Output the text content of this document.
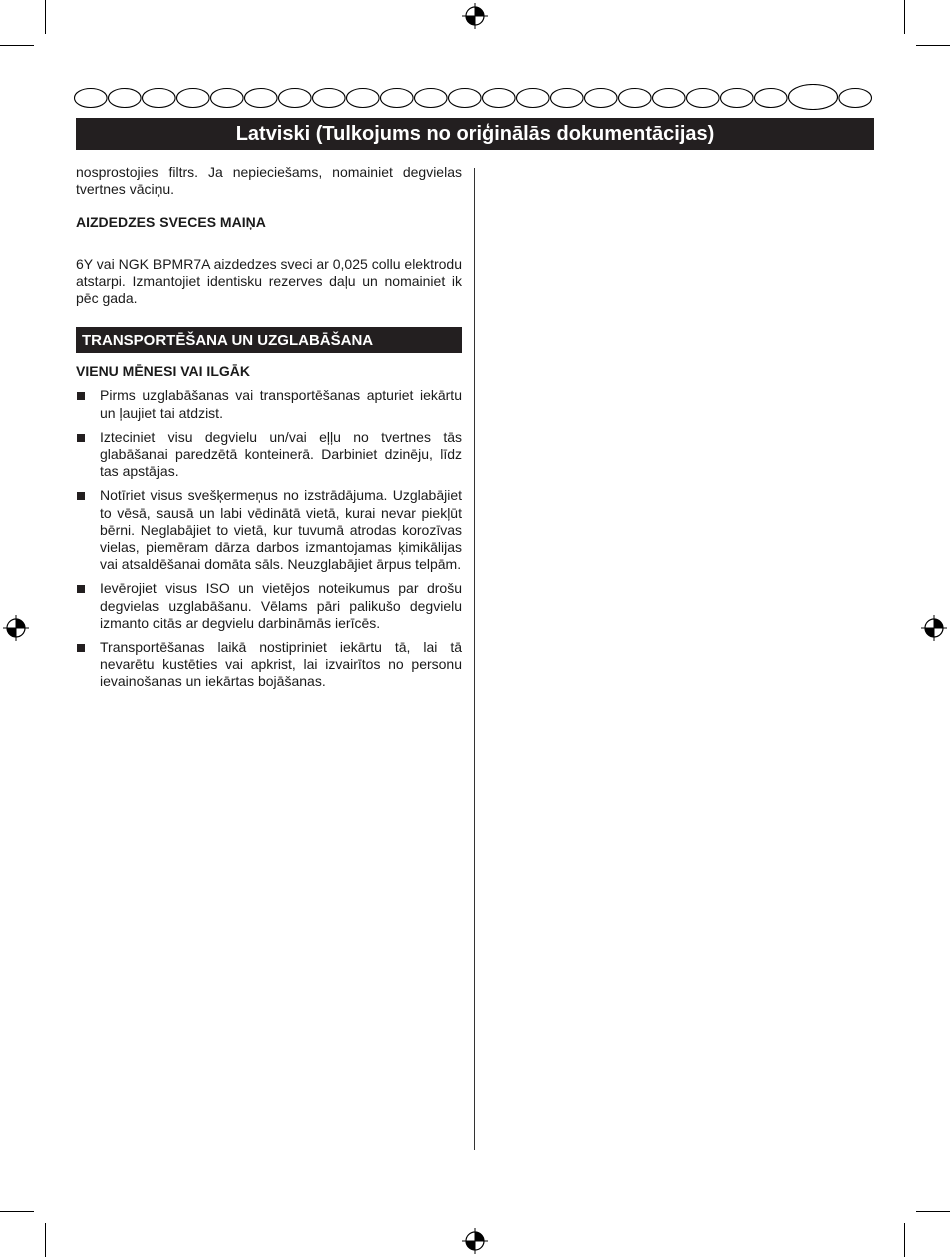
Latviski (Tulkojums no oriģinālās dokumentācijas)

nosprostojies filtrs. Ja nepieciešams, nomainiet degvielas tvertnes vāciņu.

AIZDEDZES SVECES MAIŅA

6Y vai NGK BPMR7A aizdedzes sveci ar 0,025 collu elektrodu atstarpi. Izmantojiet identisku rezerves daļu un nomainiet ik pēc gada.

TRANSPORTĒŠANA UN UZGLABĀŠANA

VIENU MĒNESI VAI ILGĀK

Pirms uzglabāšanas vai transportēšanas apturiet iekārtu un ļaujiet tai atdzist.
Izteciniet visu degvielu un/vai eļļu no tvertnes tās glabāšanai paredzētā konteinerā. Darbiniet dzinēju, līdz tas apstājas.
Notīriet visus svešķermeņus no izstrādājuma. Uzglabājiet to vēsā, sausā un labi vēdinātā vietā, kurai nevar piekļūt bērni. Neglabājiet to vietā, kur tuvumā atrodas korozīvas vielas, piemēram dārza darbos izmantojamas ķimikālijas vai atsaldēšanai domāta sāls. Neuzglabājiet ārpus telpām.
Ievērojiet visus ISO un vietējos noteikumus par drošu degvielas uzglabāšanu. Vēlams pāri palikušo degvielu izmanto citās ar degvielu darbināmās ierīcēs.
Transportēšanas laikā nostipriniet iekārtu tā, lai tā nevarētu kustēties vai apkrist, lai izvairītos no personu ievainošanas un iekārtas bojāšanas.
